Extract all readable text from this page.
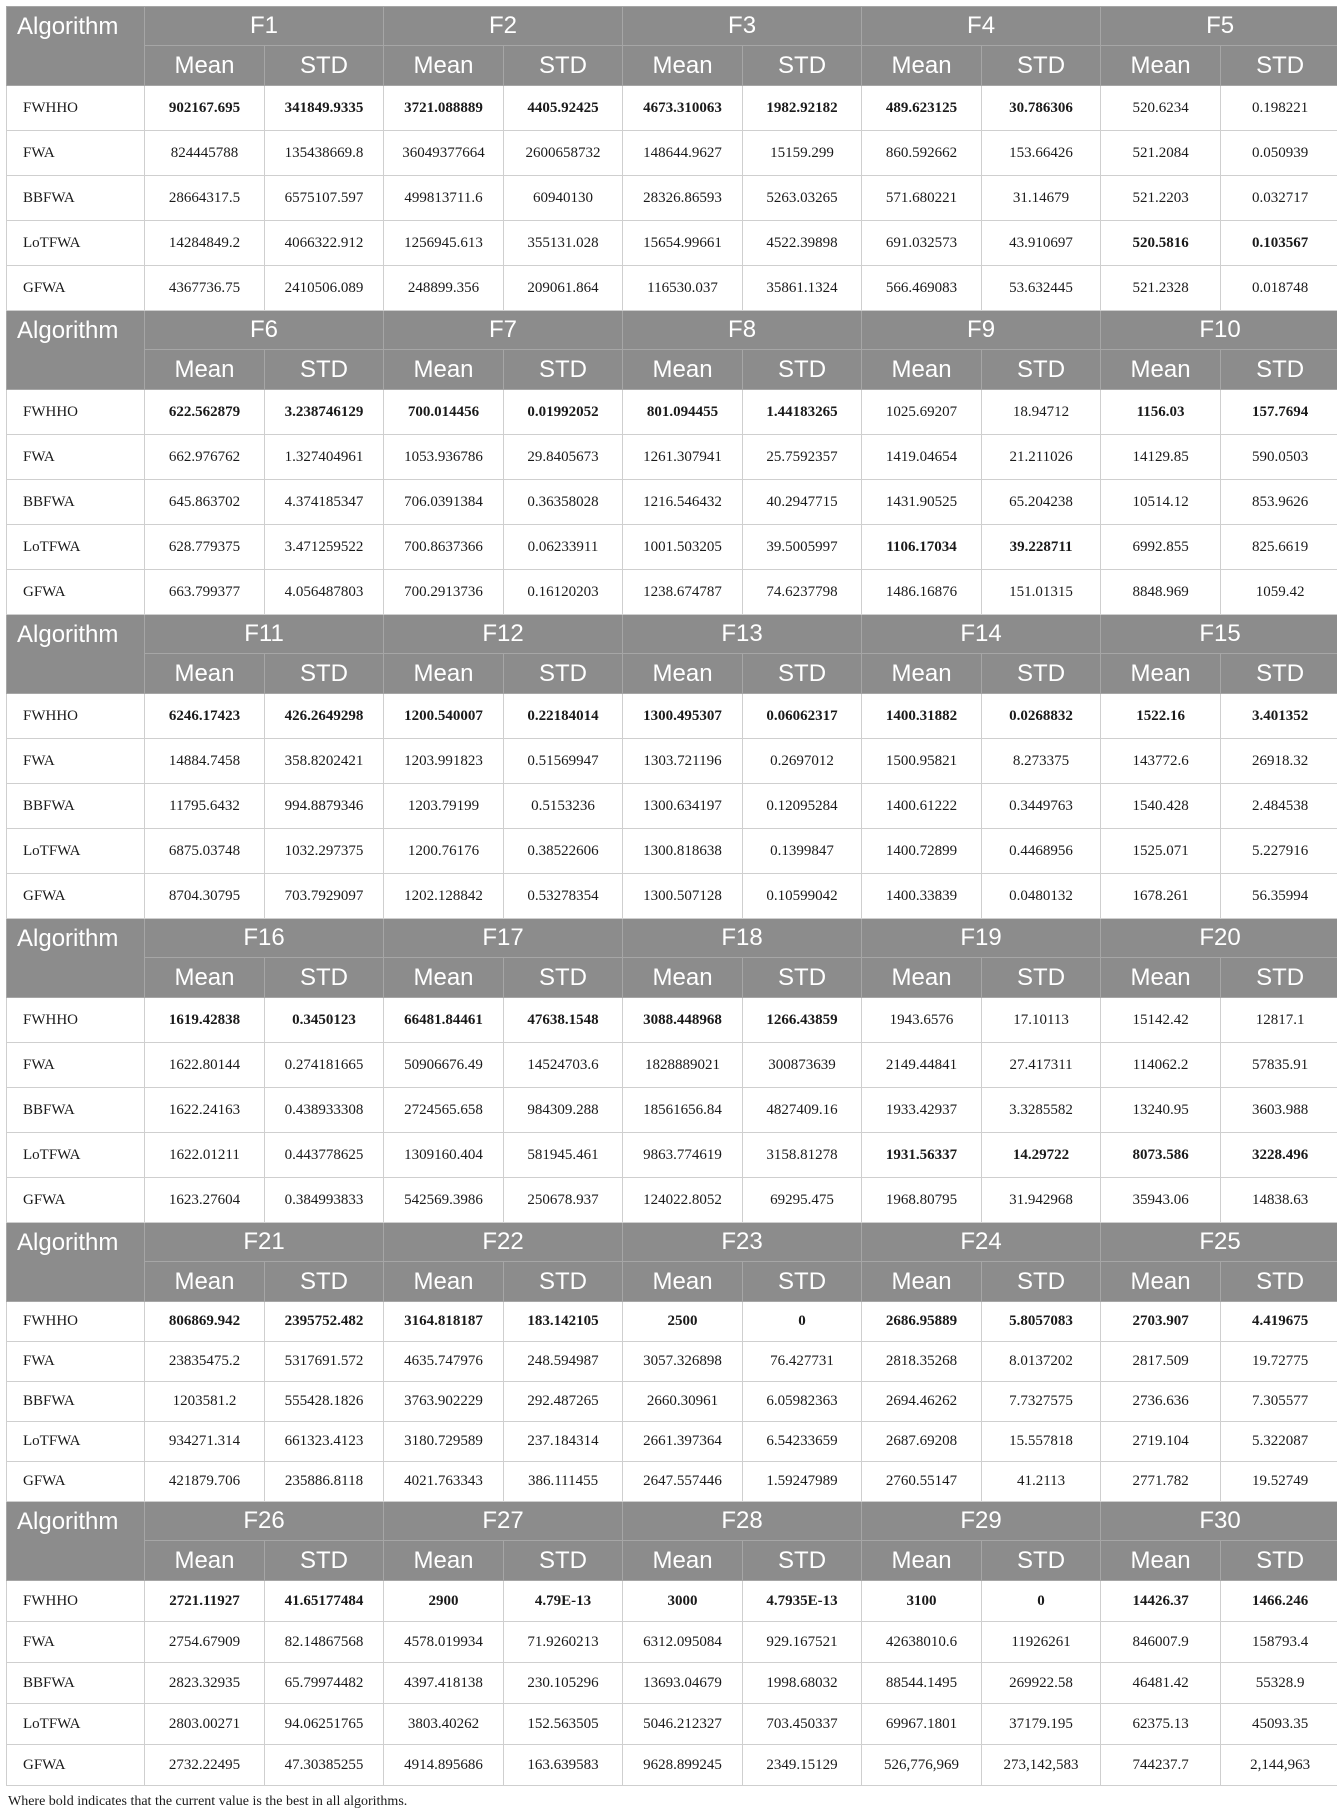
Algorithm	F1		F2		F3		F4		F5	
	Mean	STD	Mean	STD	Mean	STD	Mean	STD	Mean	STD
FWHHO	902167.695	341849.9335	3721.088889	4405.92425	4673.310063	1982.92182	489.623125	30.786306	520.6234	0.198221
FWA	824445788	135438669.8	36049377664	2600658732	148644.9627	15159.299	860.592662	153.66426	521.2084	0.050939
BBFWA	28664317.5	6575107.597	499813711.6	60940130	28326.86593	5263.03265	571.680221	31.14679	521.2203	0.032717
LoTFWA	14284849.2	4066322.912	1256945.613	355131.028	15654.99661	4522.39898	691.032573	43.910697	520.5816	0.103567
GFWA	4367736.75	2410506.089	248899.356	209061.864	116530.037	35861.1324	566.469083	53.632445	521.2328	0.018748
Algorithm	F6		F7		F8		F9		F10	
	Mean	STD	Mean	STD	Mean	STD	Mean	STD	Mean	STD
FWHHO	622.562879	3.238746129	700.014456	0.01992052	801.094455	1.44183265	1025.69207	18.94712	1156.03	157.7694
FWA	662.976762	1.327404961	1053.936786	29.8405673	1261.307941	25.7592357	1419.04654	21.211026	14129.85	590.0503
BBFWA	645.863702	4.374185347	706.0391384	0.36358028	1216.546432	40.2947715	1431.90525	65.204238	10514.12	853.9626
LoTFWA	628.779375	3.471259522	700.8637366	0.06233911	1001.503205	39.5005997	1106.17034	39.228711	6992.855	825.6619
GFWA	663.799377	4.056487803	700.2913736	0.16120203	1238.674787	74.6237798	1486.16876	151.01315	8848.969	1059.42
Algorithm	F11		F12		F13		F14		F15	
	Mean	STD	Mean	STD	Mean	STD	Mean	STD	Mean	STD
FWHHO	6246.17423	426.2649298	1200.540007	0.22184014	1300.495307	0.06062317	1400.31882	0.0268832	1522.16	3.401352
FWA	14884.7458	358.8202421	1203.991823	0.51569947	1303.721196	0.2697012	1500.95821	8.273375	143772.6	26918.32
BBFWA	11795.6432	994.8879346	1203.79199	0.5153236	1300.634197	0.12095284	1400.61222	0.3449763	1540.428	2.484538
LoTFWA	6875.03748	1032.297375	1200.76176	0.38522606	1300.818638	0.1399847	1400.72899	0.4468956	1525.071	5.227916
GFWA	8704.30795	703.7929097	1202.128842	0.53278354	1300.507128	0.10599042	1400.33839	0.0480132	1678.261	56.35994
Algorithm	F16		F17		F18		F19		F20	
	Mean	STD	Mean	STD	Mean	STD	Mean	STD	Mean	STD
FWHHO	1619.42838	0.3450123	66481.84461	47638.1548	3088.448968	1266.43859	1943.6576	17.10113	15142.42	12817.1
FWA	1622.80144	0.274181665	50906676.49	14524703.6	1828889021	300873639	2149.44841	27.417311	114062.2	57835.91
BBFWA	1622.24163	0.438933308	2724565.658	984309.288	18561656.84	4827409.16	1933.42937	3.3285582	13240.95	3603.988
LoTFWA	1622.01211	0.443778625	1309160.404	581945.461	9863.774619	3158.81278	1931.56337	14.29722	8073.586	3228.496
GFWA	1623.27604	0.384993833	542569.3986	250678.937	124022.8052	69295.475	1968.80795	31.942968	35943.06	14838.63
Algorithm	F21		F22		F23		F24		F25	
	Mean	STD	Mean	STD	Mean	STD	Mean	STD	Mean	STD
FWHHO	806869.942	2395752.482	3164.818187	183.142105	2500	0	2686.95889	5.8057083	2703.907	4.419675
FWA	23835475.2	5317691.572	4635.747976	248.594987	3057.326898	76.427731	2818.35268	8.0137202	2817.509	19.72775
BBFWA	1203581.2	555428.1826	3763.902229	292.487265	2660.30961	6.05982363	2694.46262	7.7327575	2736.636	7.305577
LoTFWA	934271.314	661323.4123	3180.729589	237.184314	2661.397364	6.54233659	2687.69208	15.557818	2719.104	5.322087
GFWA	421879.706	235886.8118	4021.763343	386.111455	2647.557446	1.59247989	2760.55147	41.2113	2771.782	19.52749
Algorithm	F26		F27		F28		F29		F30	
	Mean	STD	Mean	STD	Mean	STD	Mean	STD	Mean	STD
FWHHO	2721.11927	41.65177484	2900	4.79E-13	3000	4.7935E-13	3100	0	14426.37	1466.246
FWA	2754.67909	82.14867568	4578.019934	71.9260213	6312.095084	929.167521	42638010.6	11926261	846007.9	158793.4
BBFWA	2823.32935	65.79974482	4397.418138	230.105296	13693.04679	1998.68032	88544.1495	269922.58	46481.42	55328.9
LoTFWA	2803.00271	94.06251765	3803.40262	152.563505	5046.212327	703.450337	69967.1801	37179.195	62375.13	45093.35
GFWA	2732.22495	47.30385255	4914.895686	163.639583	9628.899245	2349.15129	526,776,969	273,142,583	744237.7	2,144,963
Where bold indicates that the current value is the best in all algorithms.
